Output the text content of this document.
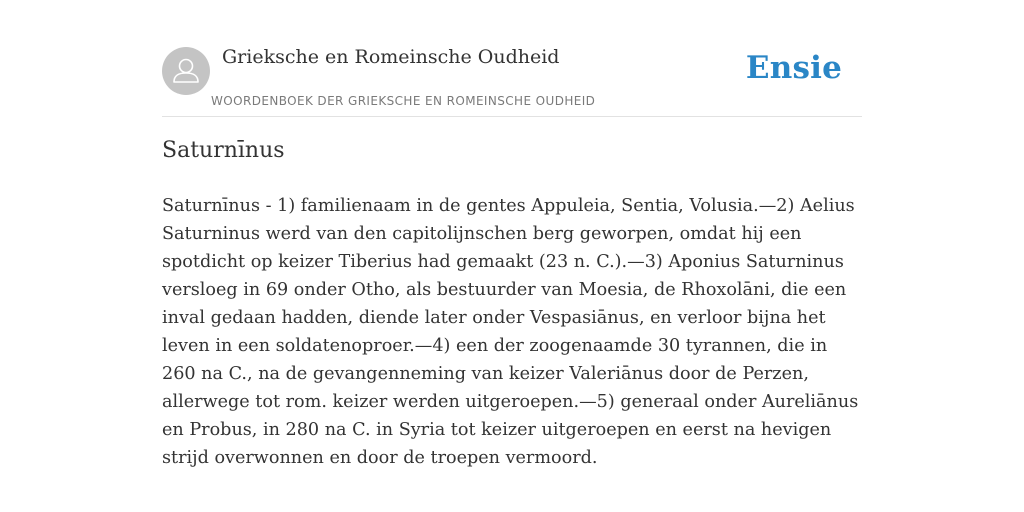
Grieksche en Romeinsche Oudheid
WOORDENBOEK DER GRIEKSCHE EN ROMEINSCHE OUDHEID
Ensie
Saturnīnus

Saturnīnus - 1) familienaam in de gentes Appuleia, Sentia, Volusia.—2) Aelius Saturninus werd van den capitolijnschen berg geworpen, omdat hij een spotdicht op keizer Tiberius had gemaakt (23 n. C.).—3) Aponius Saturninus versloeg in 69 onder Otho, als bestuurder van Moesia, de Rhoxolāni, die een inval gedaan hadden, diende later onder Vespasiānus, en verloor bijna het leven in een soldatenoproer.—4) een der zoogenaamde 30 tyrannen, die in 260 na C., na de gevangenneming van keizer Valeriānus door de Perzen, allerwege tot rom. keizer werden uitgeroepen.—5) generaal onder Aureliānus en Probus, in 280 na C. in Syria tot keizer uitgeroepen en eerst na hevigen strijd overwonnen en door de troepen vermoord.
